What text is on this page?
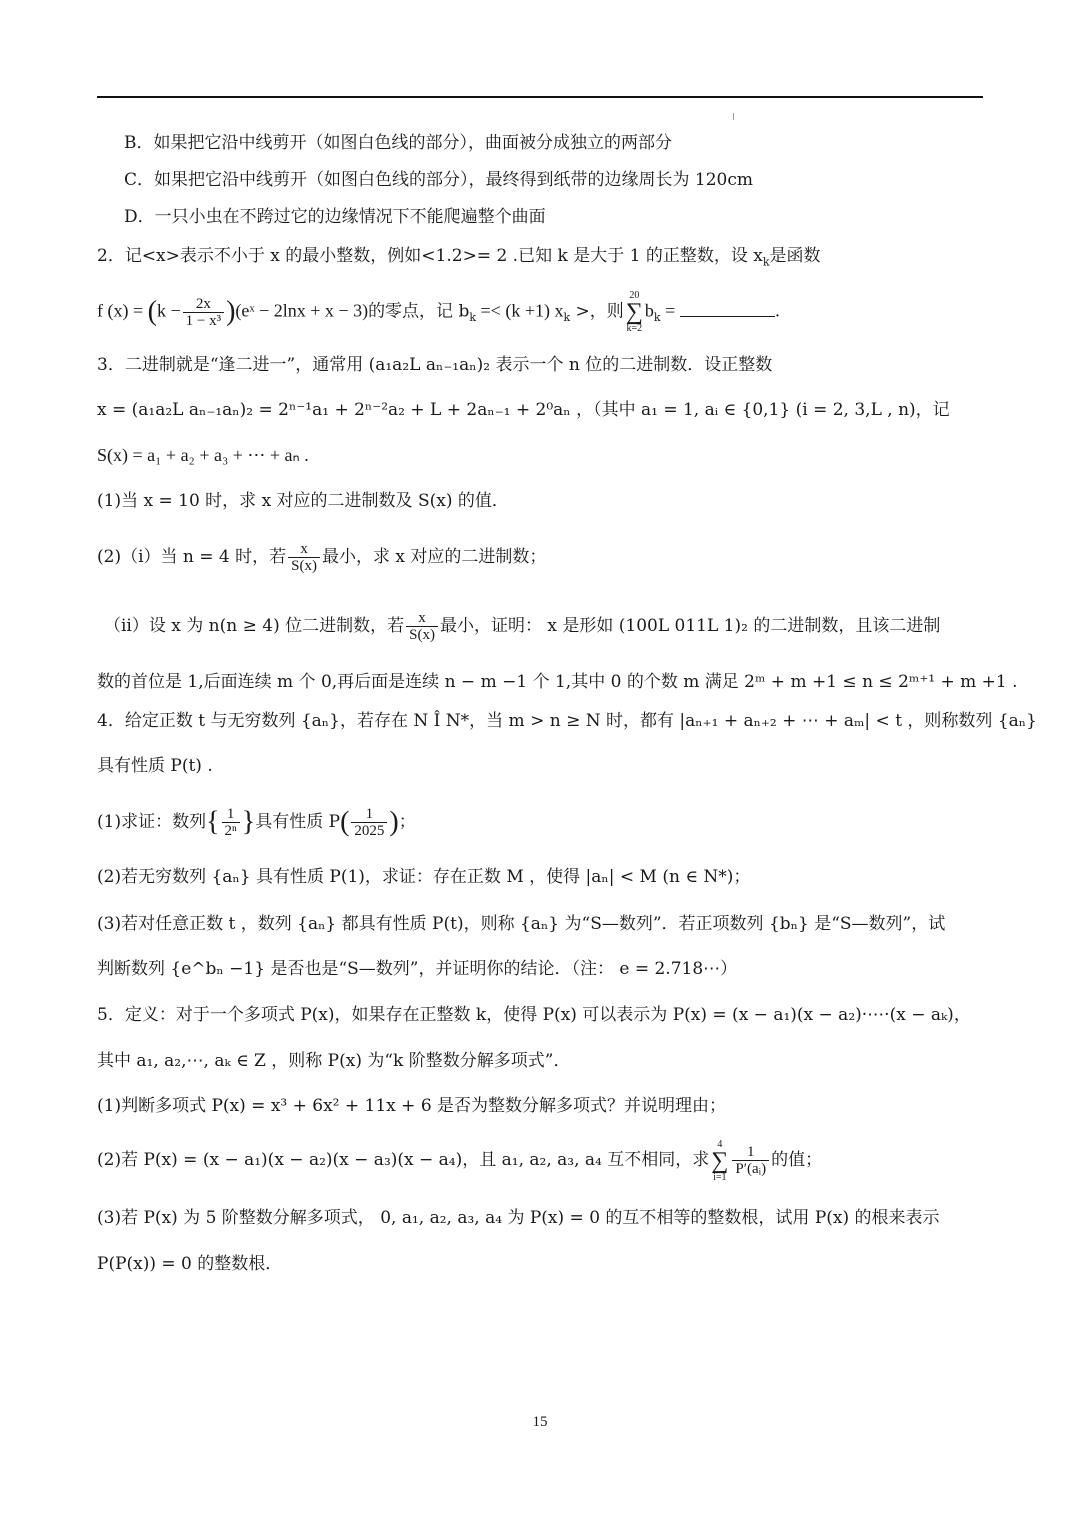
B．如果把它沿中线剪开（如图白色线的部分），曲面被分成独立的两部分
C．如果把它沿中线剪开（如图白色线的部分），最终得到纸带的边缘周长为 120cm
D．一只小虫在不跨过它的边缘情况下不能爬遍整个曲面
2．记<x>表示不小于 x 的最小整数，例如<1.2>= 2 .已知 k 是大于 1 的正整数，设 $x_k$是函数
f $(x) = (k - \frac{2x}{\text{1 − x³}}$ )(eˣ − 2lnx + x − 3)的零点，记 $b_k =< (k +1) x_k$ >，则
20
∑
k=2
$b_k$ =	.
3．二进制就是“逢二进一”，通常用 (a₁a₂L aₙ₋₁aₙ)₂ 表示一个 n 位的二进制数．设正整数
x = (a₁a₂L aₙ₋₁aₙ)₂ = 2ⁿ⁻¹a₁ + 2ⁿ⁻²a₂ + L + 2aₙ₋₁ + 2⁰aₙ ，（其中 a₁ = 1, aᵢ ∈ {0,1} (i = 2, 3,L , n)，记
S(x) = a₁ + a₂ + a₃ + ⋯ + aₙ .
(1)当 x = 10 时，求 x 对应的二进制数及 S(x) 的值．
(2)（i）当 n = 4 时，若 $\frac{x}{S(x)}$ 最小，求 x 对应的二进制数；
（ii）设 x 为 n(n ≥ 4) 位二进制数，若 $\frac{x}{S(x)}$ 最小，证明： x 是形如 (100L 011L 1)₂ 的二进制数，且该二进制
数的首位是 1,后面连续 m 个 0,再后面是连续 n − m −1 个 1,其中 0 的个数 m 满足 2ᵐ + m +1 ≤ n ≤ 2ᵐ⁺¹ + m +1 .
4．给定正数 t 与无穷数列 {aₙ}，若存在 N Î N*，当 m > n ≥ N 时，都有 |aₙ₊₁ + aₙ₊₂ + ⋯ + aₘ| < t ，则称数列 {aₙ}
具有性质 P(t) .
(1)求证：数列{ $\frac{1}{\text{2ⁿ}}$ }具有性质 $P( \frac{1}{2025}$ )；
(2)若无穷数列 {aₙ} 具有性质 P(1)，求证：存在正数 M ，使得 |aₙ| < M (n ∈ N*)；
(3)若对任意正数 t ，数列 {aₙ} 都具有性质 P(t)，则称 {aₙ} 为“S—数列”．若正项数列 {bₙ} 是“S—数列”，试
判断数列 {e^bₙ −1} 是否也是“S—数列”，并证明你的结论．（注： e = 2.718⋯）
5．定义：对于一个多项式 P(x)，如果存在正整数 k，使得 P(x) 可以表示为 P(x) = (x − a₁)(x − a₂)·⋯·(x − aₖ)，
其中 a₁, a₂,⋯, aₖ ∈ Z ，则称 P(x) 为“k 阶整数分解多项式”．
(1)判断多项式 P(x) = x³ + 6x² + 11x + 6 是否为整数分解多项式？并说明理由；
(2)若 P(x) = (x − a₁)(x − a₂)(x − a₃)(x − a₄)，且 a₁, a₂, a₃, a₄ 互不相同，求
4
∑
$i=1 \frac{1}{\text{P′(aᵢ)}}$ 的值；
(3)若 P(x) 为 5 阶整数分解多项式， 0, a₁, a₂, a₃, a₄ 为 P(x) = 0 的互不相等的整数根，试用 P(x) 的根来表示
P(P(x)) = 0 的整数根．
15
